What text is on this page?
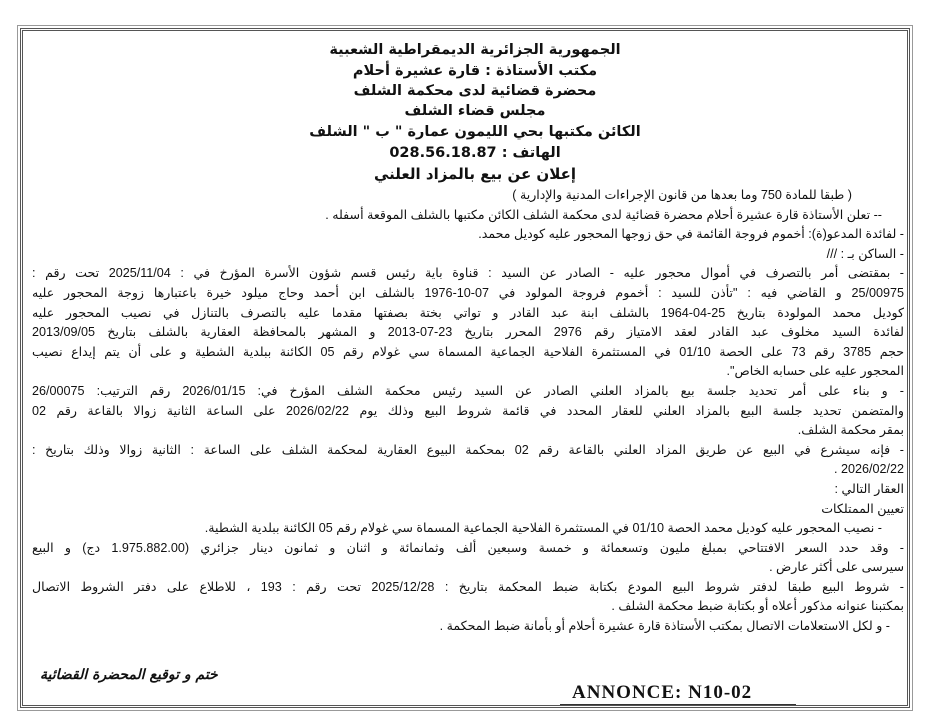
الجمهورية الجزائرية الديمقراطية الشعبية
مكتب الأستاذة : قارة عشيرة أحلام
محضرة قضائية لدى محكمة الشلف
مجلس قضاء الشلف
الكائن مكتبها بحي الليمون عمارة " ب " الشلف
الهاتف : 028.56.18.87
إعلان عن بيع بالمزاد العلني
( طبقا للمادة 750 وما بعدها من قانون الإجراءات المدنية والإدارية )
-- تعلن الأستاذة قارة عشيرة أحلام محضرة قضائية لدى محكمة الشلف الكائن مكتبها بالشلف الموقعة أسفله .
- لفائدة المدعو(ة): أخموم فروجة القائمة في حق زوجها المحجور عليه كوديل محمد.
- الساكن بـ : ///
- بمقتضى أمر بالتصرف في أموال محجور عليه - الصادر عن السيد : قناوة باية رئيس قسم شؤون الأسرة المؤرخ في : 2025/11/04 تحت رقم :
25/00975 و القاضي فيه : "تأذن للسيد : أخموم فروجة المولود في 07-10-1976 بالشلف ابن أحمد وحاج ميلود خيرة باعتبارها زوجة المحجور عليه
كوديل محمد المولودة بتاريخ 25-04-1964 بالشلف ابنة عبد القادر و تواتي بختة بصفتها مقدما عليه بالتصرف بالتنازل في نصيب المحجور عليه
لفائدة السيد مخلوف عبد القادر لعقد الامتياز رقم 2976 المحرر بتاريخ 23-07-2013 و المشهر بالمحافظة العقارية بالشلف بتاريخ 2013/09/05
حجم 3785 رقم 73 على الحصة 01/10 في المستثمرة الفلاحية الجماعية المسماة سي غولام رقم 05 الكائنة ببلدية الشطية و على أن يتم إيداع نصيب
المحجور عليه على حسابه الخاص".
- و بناء على أمر تحديد جلسة بيع بالمزاد العلني الصادر عن السيد رئيس محكمة الشلف المؤرخ في: 2026/01/15 رقم الترتيب: 26/00075
والمتضمن تحديد جلسة البيع بالمزاد العلني للعقار المحدد في قائمة شروط البيع وذلك يوم 2026/02/22 على الساعة الثانية زوالا بالقاعة رقم 02
بمقر محكمة الشلف.
- فإنه سيشرع في البيع عن طريق المزاد العلني بالقاعة رقم 02 بمحكمة البيوع العقارية لمحكمة الشلف على الساعة : الثانية زوالا وذلك بتاريخ :
2026/02/22 .
العقار التالي :
تعيين الممتلكات
- نصيب المحجور عليه كوديل محمد الحصة 01/10 في المستثمرة الفلاحية الجماعية المسماة سي غولام رقم 05 الكائنة ببلدية الشطية.
- وقد حدد السعر الافتتاحي بمبلغ مليون وتسعمائة و خمسة وسبعين ألف وثمانمائة و اثنان و ثمانون دينار جزائري (1.975.882.00 دج) و البيع
سيرسى على أكثر عارض .
- شروط البيع طبقا لدفتر شروط البيع المودع بكتابة ضبط المحكمة بتاريخ : 2025/12/28 تحت رقم : 193 ، للاطلاع على دفتر الشروط الاتصال
بمكتبنا عنوانه مذكور أعلاه أو بكتابة ضبط محكمة الشلف .
- و لكل الاستعلامات الاتصال بمكتب الأستاذة قارة عشيرة أحلام أو بأمانة ضبط المحكمة .
ختم و توقيع المحضرة القضائية
ANNONCE: N10-02
